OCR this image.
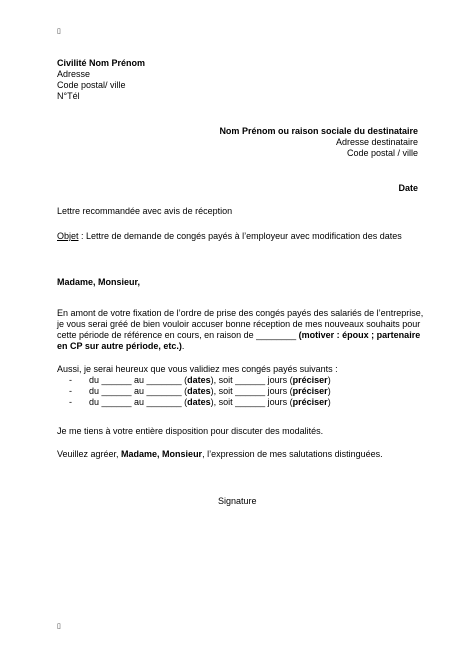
▯
Civilité Nom Prénom
Adresse
Code postal/ ville
N°Tél
Nom Prénom ou raison sociale du destinataire
Adresse destinataire
Code postal / ville
Date
Lettre recommandée avec avis de réception
Objet : Lettre de demande de congés payés à l’employeur avec modification des dates
Madame, Monsieur,
En amont de votre fixation de l’ordre de prise des congés payés des salariés de l’entreprise,
je vous serai gréé de bien vouloir accuser bonne réception de mes nouveaux souhaits pour
cette période de référence en cours, en raison de ________ (motiver : époux ; partenaire
en CP sur autre période, etc.).
Aussi, je serai heureux que vous validiez mes congés payés suivants :
- du ______ au _______ (dates), soit ______ jours (préciser)
- du ______ au _______ (dates), soit ______ jours (préciser)
- du ______ au _______ (dates), soit ______ jours (préciser)
Je me tiens à votre entière disposition pour discuter des modalités.
Veuillez agréer, Madame, Monsieur, l’expression de mes salutations distinguées.
Signature
▯
